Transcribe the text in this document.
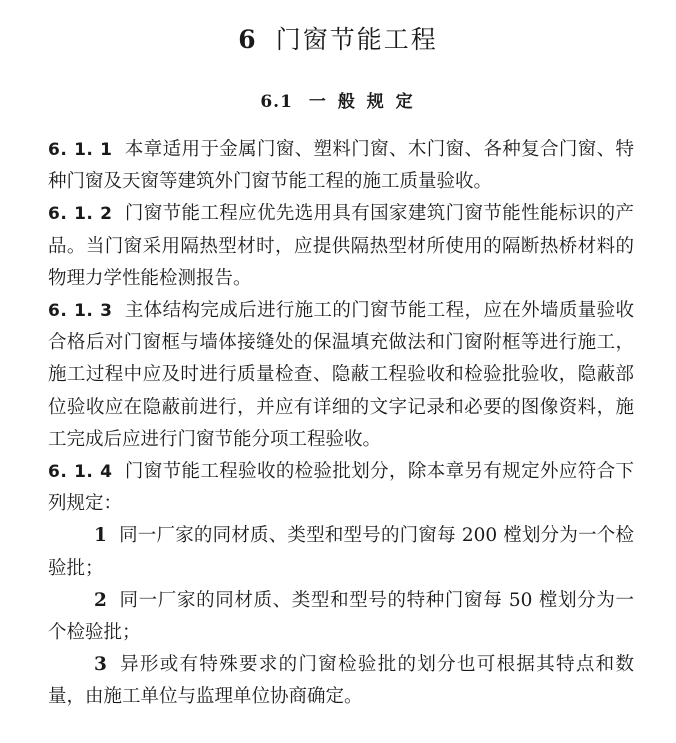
6 门窗节能工程
6.1 一 般 规 定

6. 1. 1 本章适用于金属门窗、塑料门窗、木门窗、各种复合门窗、特种门窗及天窗等建筑外门窗节能工程的施工质量验收。

6. 1. 2 门窗节能工程应优先选用具有国家建筑门窗节能性能标识的产品。当门窗采用隔热型材时，应提供隔热型材所使用的隔断热桥材料的物理力学性能检测报告。

6. 1. 3 主体结构完成后进行施工的门窗节能工程，应在外墙质量验收合格后对门窗框与墙体接缝处的保温填充做法和门窗附框等进行施工，施工过程中应及时进行质量检查、隐蔽工程验收和检验批验收，隐蔽部位验收应在隐蔽前进行，并应有详细的文字记录和必要的图像资料，施工完成后应进行门窗节能分项工程验收。

6. 1. 4 门窗节能工程验收的检验批划分，除本章另有规定外应符合下列规定：

1 同一厂家的同材质、类型和型号的门窗每 200 樘划分为一个检验批；

2 同一厂家的同材质、类型和型号的特种门窗每 50 樘划分为一个检验批；

3 异形或有特殊要求的门窗检验批的划分也可根据其特点和数量，由施工单位与监理单位协商确定。
